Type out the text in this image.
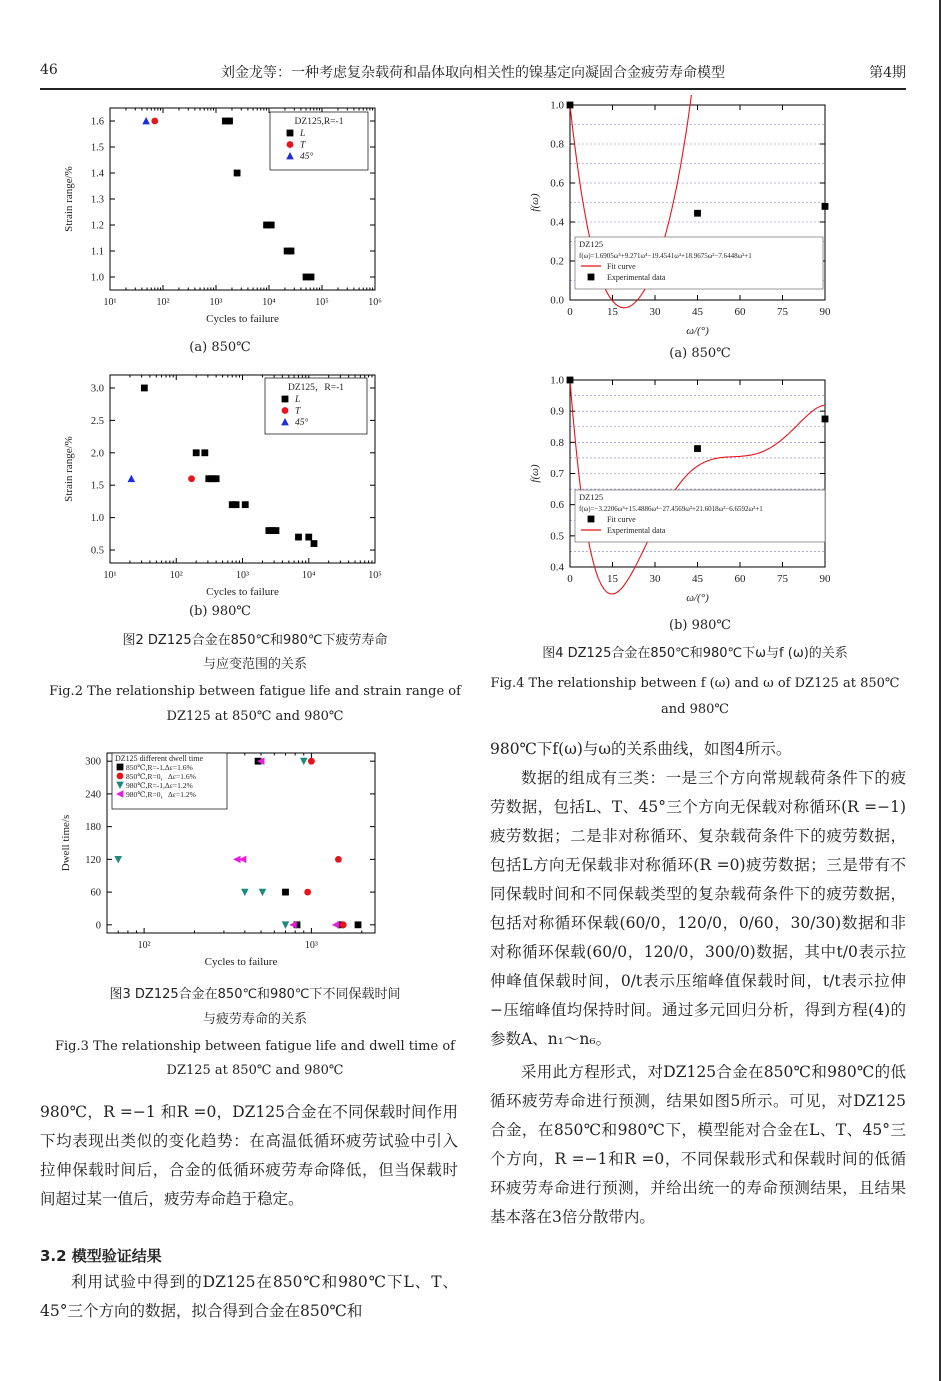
46	刘金龙等：一种考虑复杂载荷和晶体取向相关性的镍基定向凝固合金疲劳寿命模型	第4期
10¹	10²	10³	10⁴	10⁵	10⁶
1.0
1.1
1.2
1.3
1.4
1.5
1.6
Cycles to failure
Strain range/%
DZ125,R=-1
L
T
45°
(a) 850℃
10¹	10²	10³	10⁴	10⁵
0.5
1.0
1.5
2.0
2.5
3.0
Cycles to failure
Strain range/%
DZ125，R=-1
L
T
45°
(b) 980℃
图2 DZ125合金在850℃和980℃下疲劳寿命
与应变范围的关系
Fig.2 The relationship between fatigue life and strain range of
DZ125 at 850℃ and 980℃
10²	10³
0
60
120
180
240
300
Cycles to failure
Dwell time/s
DZ125 different dwell time
850℃,R=-1,Δε=1.6%
850℃,R=0，Δε=1.6%
980℃,R=-1,Δε=1.2%
980℃,R=0，Δε=1.2%
图3 DZ125合金在850℃和980℃下不同保载时间
与疲劳寿命的关系
Fig.3 The relationship between fatigue life and dwell time of
DZ125 at 850℃ and 980℃

980℃，R =−1 和R =0，DZ125合金在不同保载时间作用下均表现出类似的变化趋势：在高温低循环疲劳试验中引入拉伸保载时间后，合金的低循环疲劳寿命降低，但当保载时间超过某一值后，疲劳寿命趋于稳定。

3.2 模型验证结果

利用试验中得到的DZ125在850℃和980℃下L、T、45°三个方向的数据，拟合得到合金在850℃和

0.0
0.2
0.4
0.6
0.8
1.0
0	15	30	45	60	75	90
ω/(°)
f(ω)
DZ125
f(ω)=1.6905ω⁵+9.271ω⁴−19.4541ω³+18.9675ω²−7.6448ω²+1
Fit curve
Experimental data
(a) 850℃
0.4
0.5
0.6
0.7
0.8
0.9
1.0
0	15	30	45	60	75	90
ω/(°)
f(ω)
DZ125
f(ω)=−3.2206ω⁵+15.4886ω⁴−27.4569ω³+21.6018ω²−6.6592ω²+1
Fit curve
Experimental data
(b) 980℃
图4 DZ125合金在850℃和980℃下ω与f (ω)的关系
Fig.4 The relationship between f (ω) and ω of DZ125 at 850℃
and 980℃

980℃下f(ω)与ω的关系曲线，如图4所示。

数据的组成有三类：一是三个方向常规载荷条件下的疲劳数据，包括L、T、45°三个方向无保载对称循环(R =−1)疲劳数据；二是非对称循环、复杂载荷条件下的疲劳数据，包括L方向无保载非对称循环(R =0)疲劳数据；三是带有不同保载时间和不同保载类型的复杂载荷条件下的疲劳数据，包括对称循环保载(60/0，120/0，0/60，30/30)数据和非对称循环保载(60/0，120/0，300/0)数据，其中t/0表示拉伸峰值保载时间，0/t表示压缩峰值保载时间，t/t表示拉伸−压缩峰值均保持时间。通过多元回归分析，得到方程(4)的参数A、n₁～n₆。

采用此方程形式，对DZ125合金在850℃和980℃的低循环疲劳寿命进行预测，结果如图5所示。可见，对DZ125合金，在850℃和980℃下，模型能对合金在L、T、45°三个方向，R =−1和R =0，不同保载形式和保载时间的低循环疲劳寿命进行预测，并给出统一的寿命预测结果，且结果基本落在3倍分散带内。
